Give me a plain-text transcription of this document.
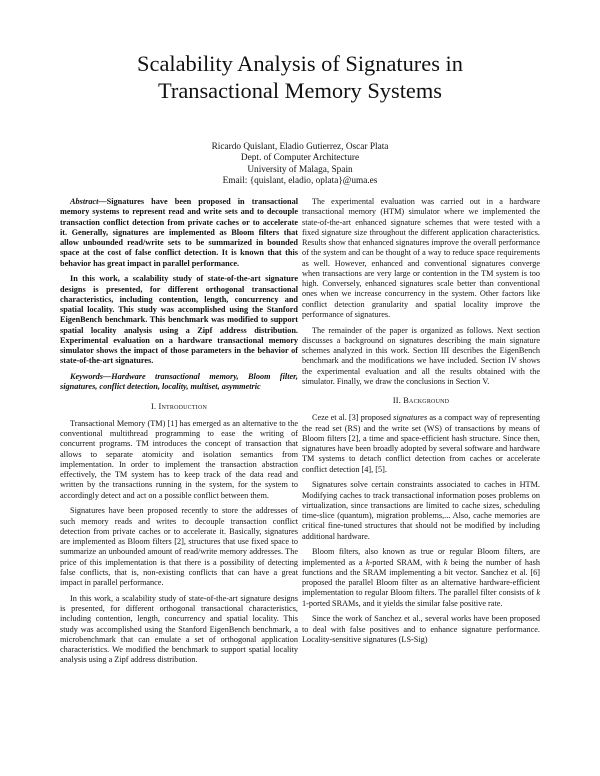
Scalability Analysis of Signatures in
Transactional Memory Systems
Ricardo Quislant, Eladio Gutierrez, Oscar Plata
Dept. of Computer Architecture
University of Malaga, Spain
Email: {quislant, eladio, oplata}@uma.es

Abstract—Signatures have been proposed in transactional memory systems to represent read and write sets and to decouple transaction conflict detection from private caches or to accelerate it. Generally, signatures are implemented as Bloom filters that allow unbounded read/write sets to be summarized in bounded space at the cost of false conflict detection. It is known that this behavior has great impact in parallel performance.

In this work, a scalability study of state-of-the-art signature designs is presented, for different orthogonal transactional characteristics, including contention, length, concurrency and spatial locality. This study was accomplished using the Stanford EigenBench benchmark. This benchmark was modified to support spatial locality analysis using a Zipf address distribution. Experimental evaluation on a hardware transactional memory simulator shows the impact of those parameters in the behavior of state-of-the-art signatures.

Keywords—Hardware transactional memory, Bloom filter, signatures, conflict detection, locality, multiset, asymmetric

I. Introduction

Transactional Memory (TM) [1] has emerged as an alternative to the conventional multithread programming to ease the writing of concurrent programs. TM introduces the concept of transaction that allows to separate atomicity and isolation semantics from implementation. In order to implement the transaction abstraction effectively, the TM system has to keep track of the data read and written by the transactions running in the system, for the system to accordingly detect and act on a possible conflict between them.

Signatures have been proposed recently to store the addresses of such memory reads and writes to decouple transaction conflict detection from private caches or to accelerate it. Basically, signatures are implemented as Bloom filters [2], structures that use fixed space to summarize an unbounded amount of read/write memory addresses. The price of this implementation is that there is a possibility of detecting false conflicts, that is, non-existing conflicts that can have a great impact in parallel performance.

In this work, a scalability study of state-of-the-art signature designs is presented, for different orthogonal transactional characteristics, including contention, length, concurrency and spatial locality. This study was accomplished using the Stanford EigenBench benchmark, a microbenchmark that can emulate a set of orthogonal application characteristics. We modified the benchmark to support spatial locality analysis using a Zipf address distribution.

The experimental evaluation was carried out in a hardware transactional memory (HTM) simulator where we implemented the state-of-the-art enhanced signature schemes that were tested with a fixed signature size throughout the different application characteristics. Results show that enhanced signatures improve the overall performance of the system and can be thought of a way to reduce space requirements as well. However, enhanced and conventional signatures converge when transactions are very large or contention in the TM system is too high. Conversely, enhanced signatures scale better than conventional ones when we increase concurrency in the system. Other factors like conflict detection granularity and spatial locality improve the performance of signatures.

The remainder of the paper is organized as follows. Next section discusses a background on signatures describing the main signature schemes analyzed in this work. Section III describes the EigenBench benchmark and the modifications we have included. Section IV shows the experimental evaluation and all the results obtained with the simulator. Finally, we draw the conclusions in Section V.

II. Background

Ceze et al. [3] proposed signatures as a compact way of representing the read set (RS) and the write set (WS) of transactions by means of Bloom filters [2], a time and space-efficient hash structure. Since then, signatures have been broadly adopted by several software and hardware TM systems to detach conflict detection from caches or accelerate conflict detection [4], [5].

Signatures solve certain constraints associated to caches in HTM. Modifying caches to track transactional information poses problems on virtualization, since transactions are limited to cache sizes, scheduling time-slice (quantum), migration problems,... Also, cache memories are critical fine-tuned structures that should not be modified by including additional hardware.

Bloom filters, also known as true or regular Bloom filters, are implemented as a k-ported SRAM, with k being the number of hash functions and the SRAM implementing a bit vector. Sanchez et al. [6] proposed the parallel Bloom filter as an alternative hardware-efficient implementation to regular Bloom filters. The parallel filter consists of k 1-ported SRAMs, and it yields the similar false positive rate.

Since the work of Sanchez et al., several works have been proposed to deal with false positives and to enhance signature performance. Locality-sensitive signatures (LS-Sig)
